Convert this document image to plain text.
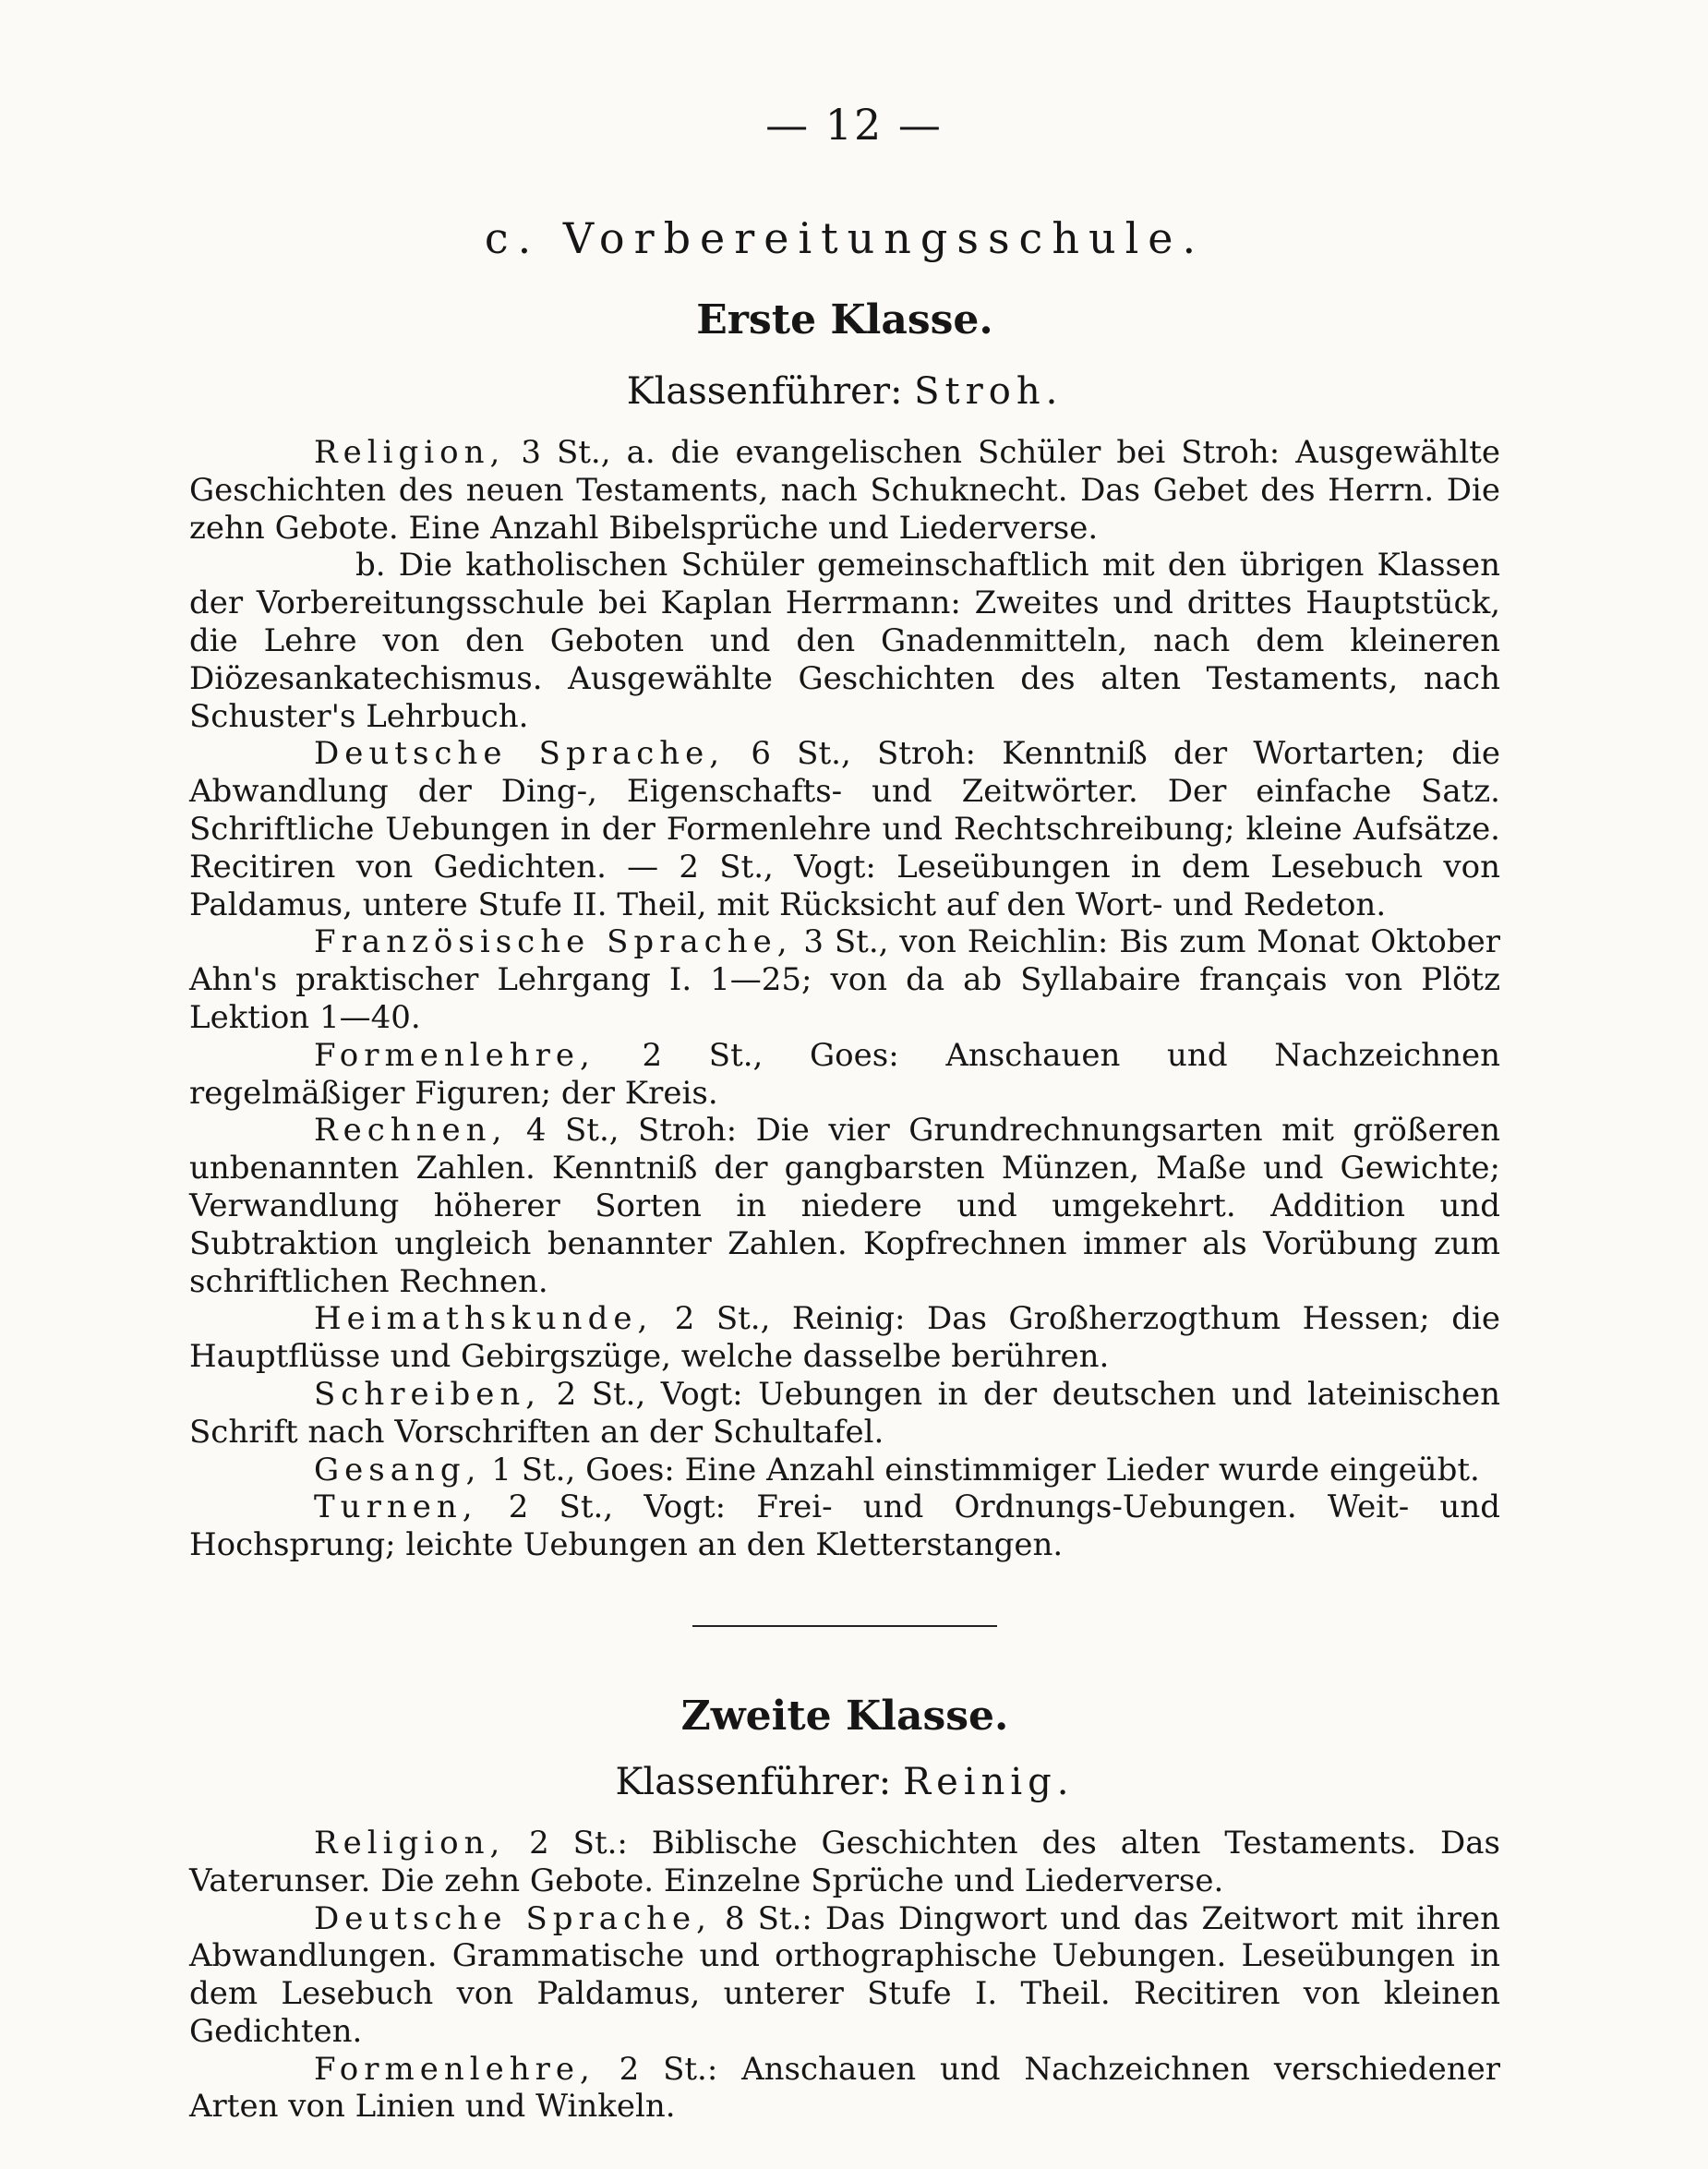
— 12 —
c. Vorbereitungsschule.
Erste Klasse.
Klassenführer: Stroh.

Religion, 3 St., a. die evangelischen Schüler bei Stroh: Ausgewählte Geschichten des neuen Testaments, nach Schuknecht. Das Gebet des Herrn. Die zehn Gebote. Eine Anzahl Bibelsprüche und Liederverse.

b. Die katholischen Schüler gemeinschaftlich mit den übrigen Klassen der Vorbereitungsschule bei Kaplan Herrmann: Zweites und drittes Hauptstück, die Lehre von den Geboten und den Gnadenmitteln, nach dem kleineren Diözesankatechismus. Ausgewählte Geschichten des alten Testaments, nach Schuster's Lehrbuch.

Deutsche Sprache, 6 St., Stroh: Kenntniß der Wortarten; die Abwandlung der Ding-, Eigenschafts- und Zeitwörter. Der einfache Satz. Schriftliche Uebungen in der Formenlehre und Rechtschreibung; kleine Aufsätze. Recitiren von Gedichten. — 2 St., Vogt: Leseübungen in dem Lesebuch von Paldamus, untere Stufe II. Theil, mit Rücksicht auf den Wort- und Redeton.

Französische Sprache, 3 St., von Reichlin: Bis zum Monat Oktober Ahn's praktischer Lehrgang I. 1—25; von da ab Syllabaire français von Plötz Lektion 1—40.

Formenlehre, 2 St., Goes: Anschauen und Nachzeichnen regelmäßiger Figuren; der Kreis.

Rechnen, 4 St., Stroh: Die vier Grundrechnungsarten mit größeren unbenannten Zahlen. Kenntniß der gangbarsten Münzen, Maße und Gewichte; Verwandlung höherer Sorten in niedere und umgekehrt. Addition und Subtraktion ungleich benannter Zahlen. Kopfrechnen immer als Vorübung zum schriftlichen Rechnen.

Heimathskunde, 2 St., Reinig: Das Großherzogthum Hessen; die Hauptflüsse und Gebirgszüge, welche dasselbe berühren.

Schreiben, 2 St., Vogt: Uebungen in der deutschen und lateinischen Schrift nach Vorschriften an der Schultafel.

Gesang, 1 St., Goes: Eine Anzahl einstimmiger Lieder wurde eingeübt.

Turnen, 2 St., Vogt: Frei- und Ordnungs-Uebungen. Weit- und Hochsprung; leichte Uebungen an den Kletterstangen.

Zweite Klasse.
Klassenführer: Reinig.

Religion, 2 St.: Biblische Geschichten des alten Testaments. Das Vaterunser. Die zehn Gebote. Einzelne Sprüche und Liederverse.

Deutsche Sprache, 8 St.: Das Dingwort und das Zeitwort mit ihren Abwandlungen. Grammatische und orthographische Uebungen. Leseübungen in dem Lesebuch von Paldamus, unterer Stufe I. Theil. Recitiren von kleinen Gedichten.

Formenlehre, 2 St.: Anschauen und Nachzeichnen verschiedener Arten von Linien und Winkeln.
